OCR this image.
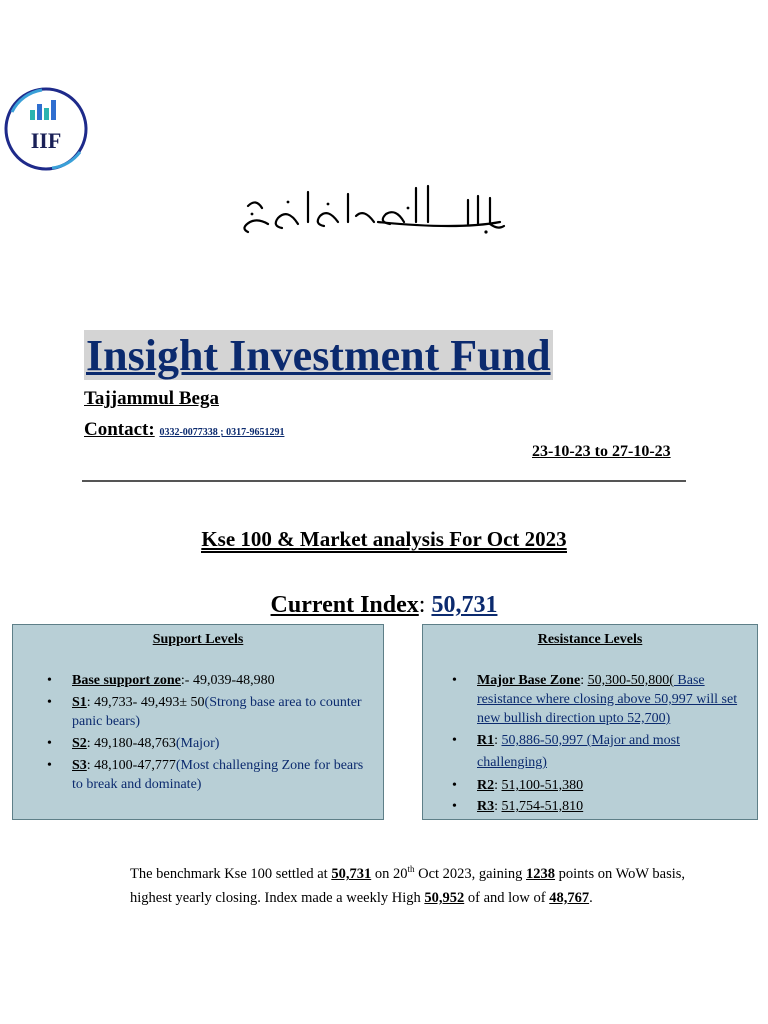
IIF
Insight Investment Fund
Tajjammul Bega
Contact: 0332-0077338 ; 0317-9651291
23-10-23 to 27-10-23
Kse 100 & Market analysis For Oct 2023
Current Index: 50,731
Support Levels
• Base support zone:- 49,039-48,980
• S1: 49,733- 49,493± 50(Strong base area to counter panic bears)
• S2: 49,180-48,763(Major)
• S3: 48,100-47,777(Most challenging Zone for bears to break and dominate)
Resistance Levels
• Major Base Zone: 50,300-50,800( Base resistance where closing above 50,997 will set new bullish direction upto 52,700)
• R1: 50,886-50,997 (Major and most challenging)
• R2: 51,100-51,380
• R3: 51,754-51,810
The benchmark Kse 100 settled at 50,731 on 20th Oct 2023, gaining 1238 points on WoW basis, highest yearly closing. Index made a weekly High 50,952 of and low of 48,767.
